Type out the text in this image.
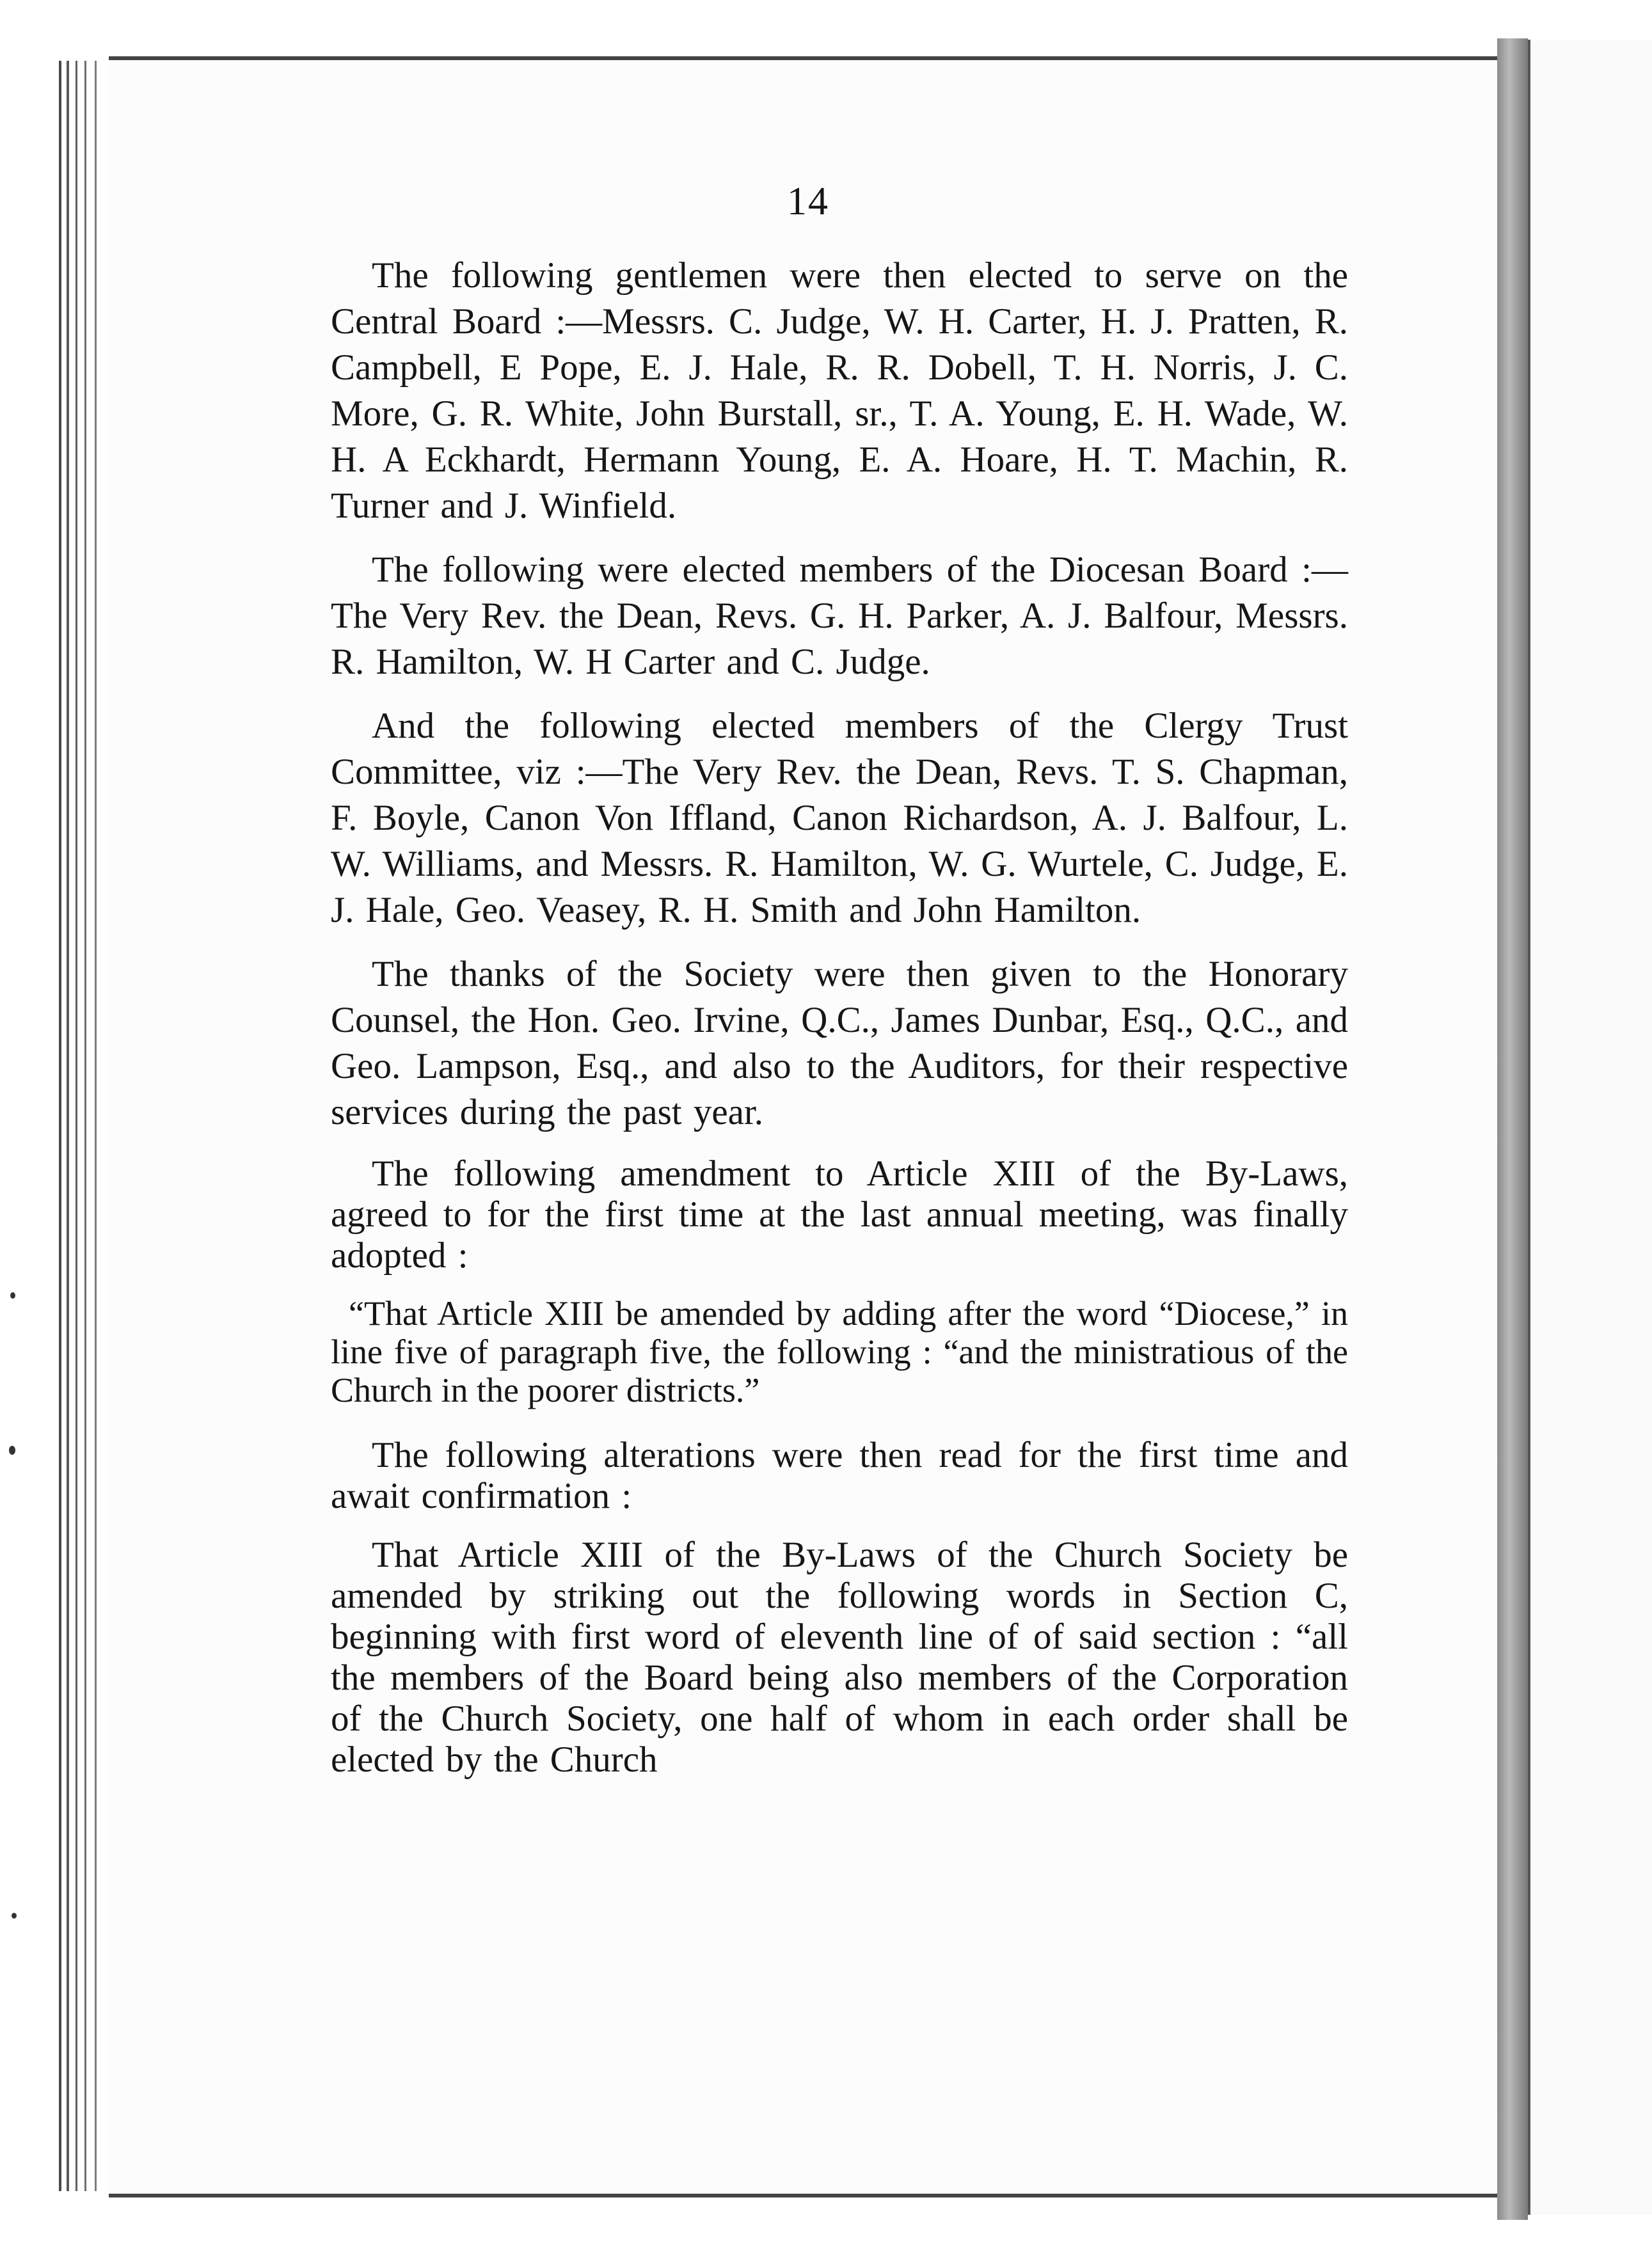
14

The following gentlemen were then elected to serve on the Central Board :—Messrs. C. Judge, W. H. Carter, H. J. Pratten, R. Campbell, E Pope, E. J. Hale, R. R. Dobell, T. H. Norris, J. C. More, G. R. White, John Burstall, sr., T. A. Young, E. H. Wade, W. H. A Eckhardt, Hermann Young, E. A. Hoare, H. T. Machin, R. Turner and J. Winfield.

The following were elected members of the Diocesan Board :—The Very Rev. the Dean, Revs. G. H. Parker, A. J. Balfour, Messrs. R. Hamilton, W. H Carter and C. Judge.

And the following elected members of the Clergy Trust Committee, viz :—The Very Rev. the Dean, Revs. T. S. Chapman, F. Boyle, Canon Von Iffland, Canon Richardson, A. J. Balfour, L. W. Williams, and Messrs. R. Hamilton, W. G. Wurtele, C. Judge, E. J. Hale, Geo. Veasey, R. H. Smith and John Hamilton.

The thanks of the Society were then given to the Honorary Counsel, the Hon. Geo. Irvine, Q.C., James Dunbar, Esq., Q.C., and Geo. Lampson, Esq., and also to the Auditors, for their respective services during the past year.

The following amendment to Article XIII of the By-Laws, agreed to for the first time at the last annual meeting, was finally adopted :

“That Article XIII be amended by adding after the word “Diocese,” in line five of paragraph five, the following : “and the ministratious of the Church in the poorer districts.”

The following alterations were then read for the first time and await confirmation :

That Article XIII of the By-Laws of the Church Society be amended by striking out the following words in Section C, beginning with first word of eleventh line of of said section : “all the members of the Board being also members of the Corporation of the Church Society, one half of whom in each order shall be elected by the Church
